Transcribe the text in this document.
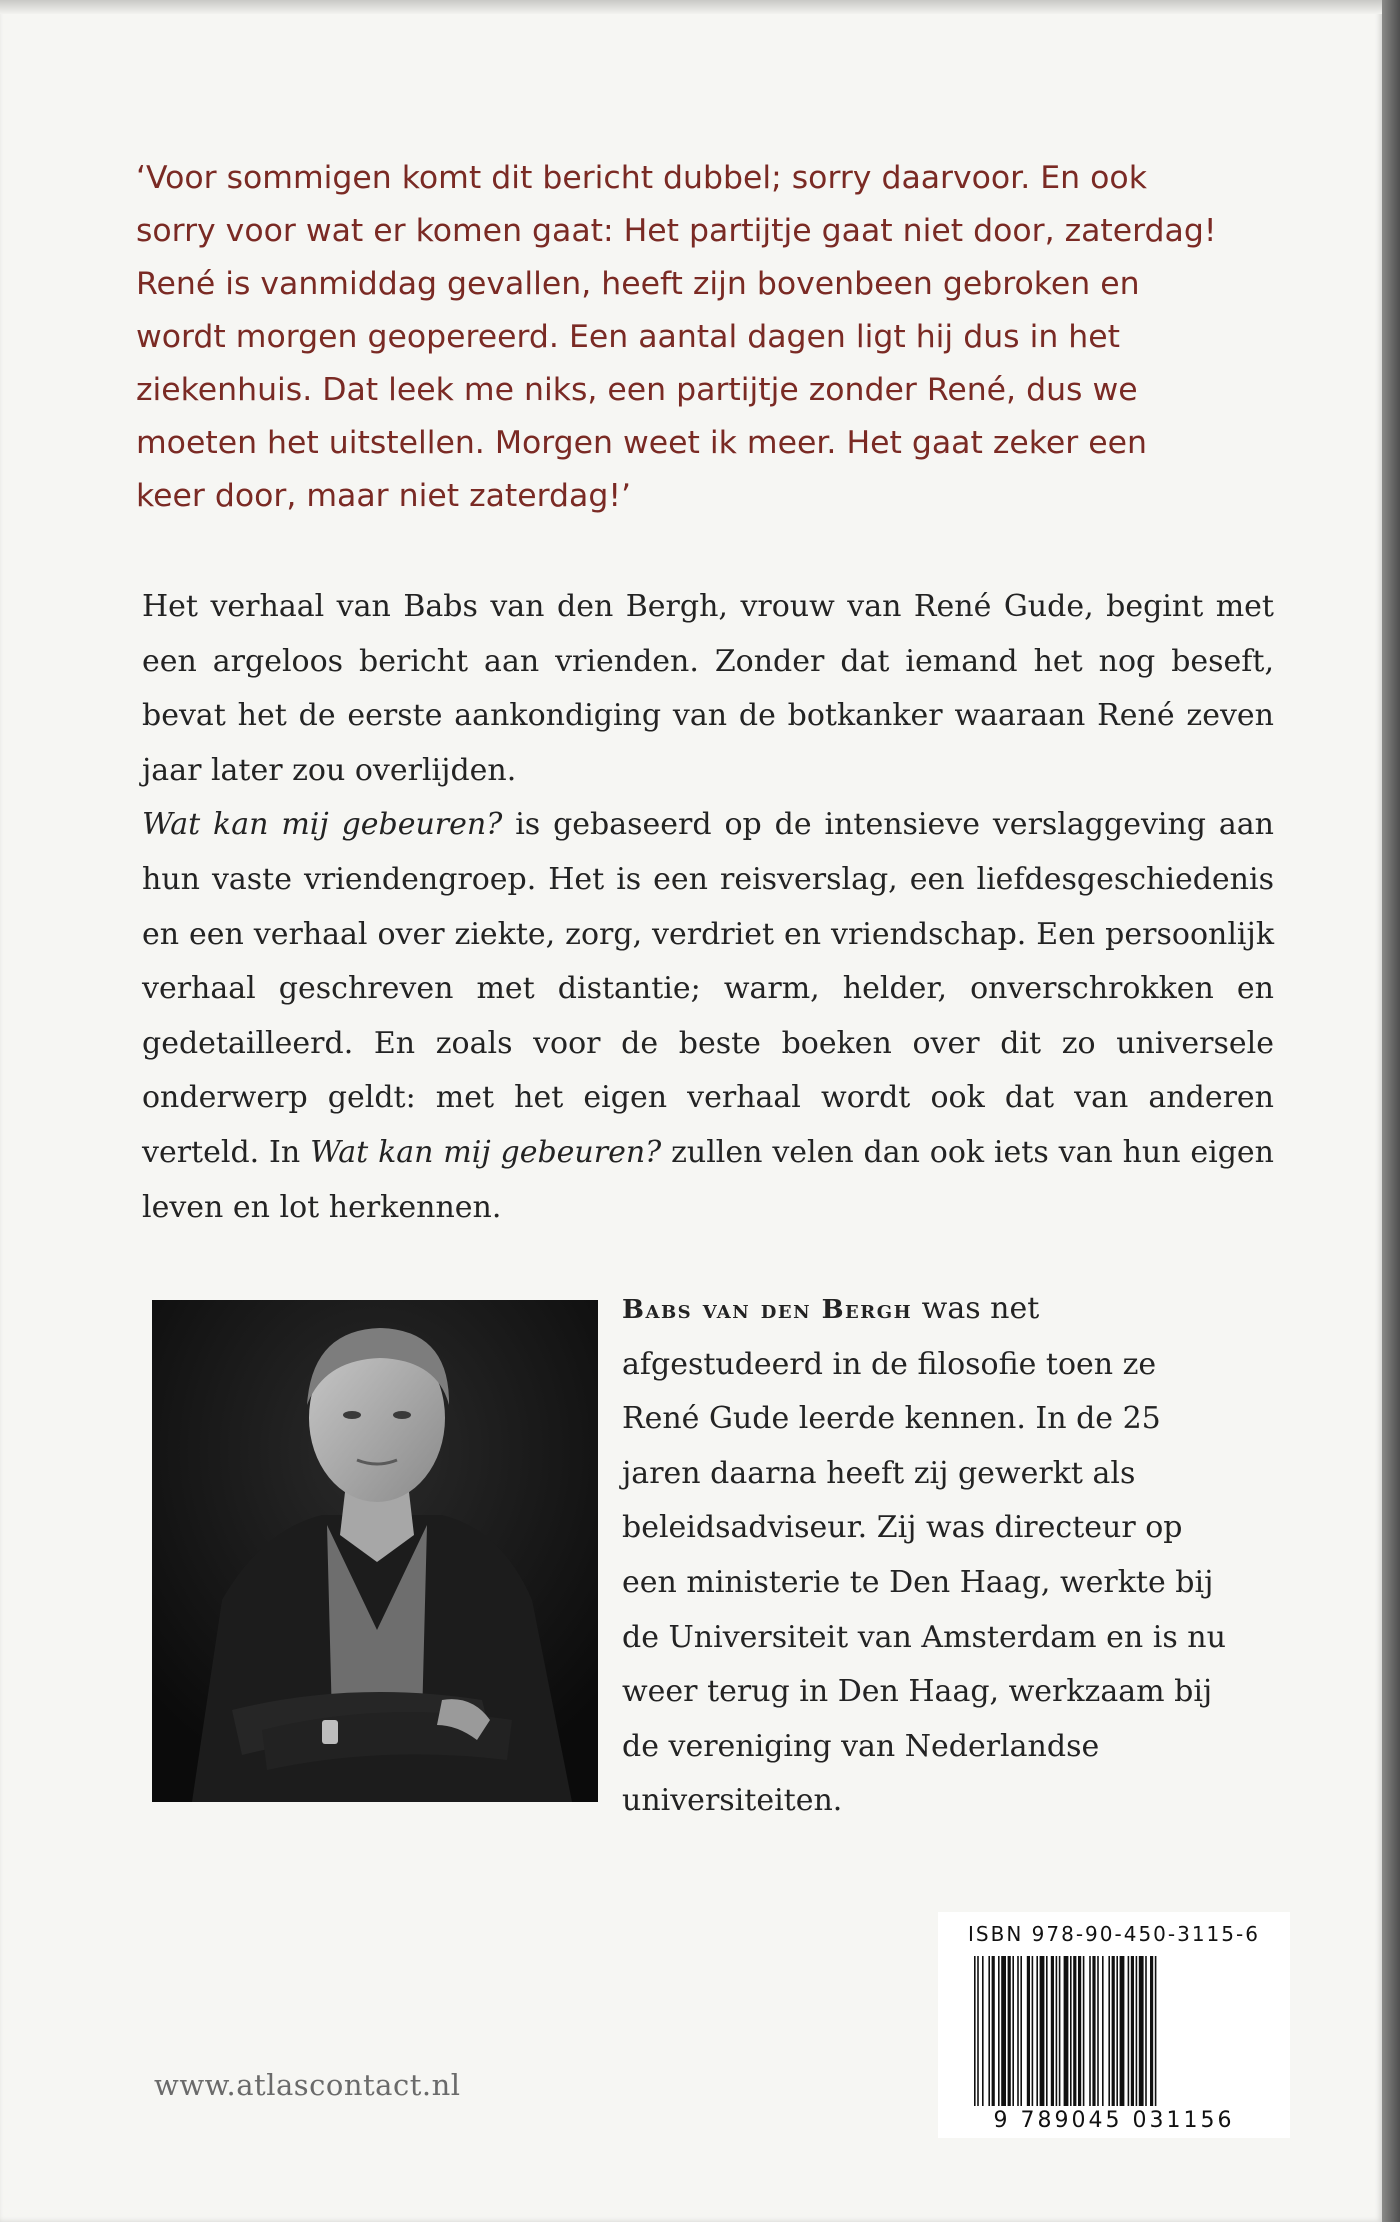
‘Voor sommigen komt dit bericht dubbel; sorry daarvoor. En ook
sorry voor wat er komen gaat: Het partijtje gaat niet door, zaterdag!
René is vanmiddag gevallen, heeft zijn bovenbeen gebroken en
wordt morgen geopereerd. Een aantal dagen ligt hij dus in het
ziekenhuis. Dat leek me niks, een partijtje zonder René, dus we
moeten het uitstellen. Morgen weet ik meer. Het gaat zeker een
keer door, maar niet zaterdag!’

Het verhaal van Babs van den Bergh, vrouw van René Gude, begint met een argeloos bericht aan vrienden. Zonder dat iemand het nog beseft, bevat het de eerste aankondiging van de botkanker waaraan René zeven jaar later zou overlijden.
Wat kan mij gebeuren? is gebaseerd op de intensieve verslaggeving aan hun vaste vriendengroep. Het is een reisverslag, een liefdesgeschiedenis en een verhaal over ziekte, zorg, verdriet en vriendschap. Een persoonlijk verhaal geschreven met distantie; warm, helder, onverschrokken en gedetailleerd. En zoals voor de beste boeken over dit zo universele onderwerp geldt: met het eigen verhaal wordt ook dat van anderen verteld. In Wat kan mij gebeuren? zullen velen dan ook iets van hun eigen leven en lot herkennen.

Babs van den Bergh was net afgestudeerd in de filosofie toen ze René Gude leerde kennen. In de 25 jaren daarna heeft zij gewerkt als beleidsadviseur. Zij was directeur op een ministerie te Den Haag, werkte bij de Universiteit van Amsterdam en is nu weer terug in Den Haag, werkzaam bij de vereniging van Nederlandse universiteiten.

ISBN 978-90-450-3115-6
9 789045 031156
www.atlascontact.nl
